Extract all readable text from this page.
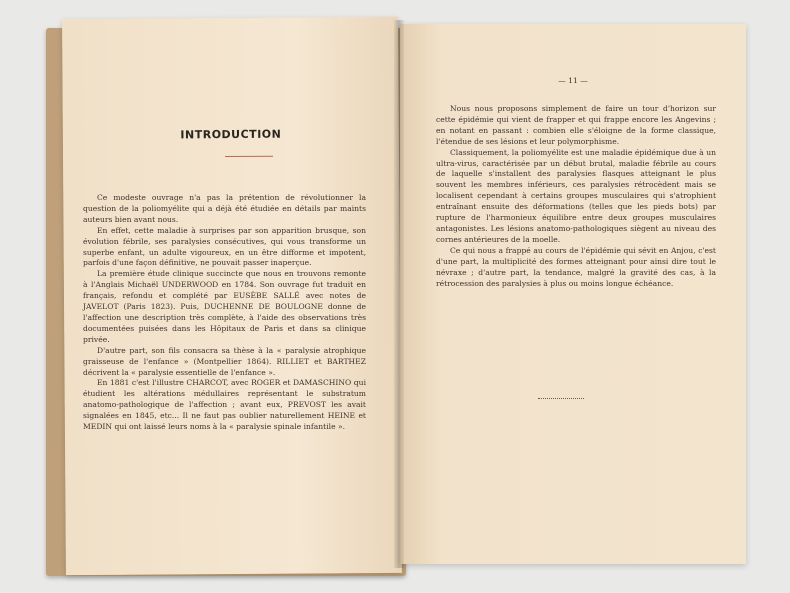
INTRODUCTION
— 11 —

Nous nous proposons simplement de faire un tour d'horizon sur cette épidémie qui vient de frapper et qui frappe encore les Angevins ; en notant en passant : combien elle s'éloigne de la forme classique, l'étendue de ses lésions et leur polymorphisme.

Classiquement, la poliomyélite est une maladie épidémique due à un ultra-virus, caractérisée par un début brutal, maladie fébrile au cours de laquelle s'installent des paralysies flasques atteignant le plus souvent les membres inférieurs, ces paralysies rétrocèdent mais se localisent cependant à certains groupes musculaires qui s'atrophient entraînant ensuite des déformations (telles que les pieds bots) par rupture de l'harmonieux équilibre entre deux groupes musculaires antagonistes. Les lésions anatomo-pathologiques siègent au niveau des cornes antérieures de la moelle.

Ce qui nous a frappé au cours de l'épidémie qui sévit en Anjou, c'est d'une part, la multiplicité des formes atteignant pour ainsi dire tout le névraxe ; d'autre part, la tendance, malgré la gravité des cas, à la rétrocession des paralysies à plus ou moins longue échéance.

Ce modeste ouvrage n'a pas la prétention de révolutionner la question de la poliomyélite qui a déjà été étudiée en détails par maints auteurs bien avant nous.

En effet, cette maladie à surprises par son apparition brusque, son évolution fébrile, ses paralysies consécutives, qui vous transforme un superbe enfant, un adulte vigoureux, en un être difforme et impotent, parfois d'une façon définitive, ne pouvait passer inaperçue.

La première étude clinique succincte que nous en trouvons remonte à l'Anglais Michaël UNDERWOOD en 1784. Son ouvrage fut traduit en français, refondu et complété par EUSÈBE SALLÉ avec notes de JAVELOT (Paris 1823). Puis, DUCHENNE DE BOULOGNE donne de l'affection une description très complète, à l'aide des observations très documentées puisées dans les Hôpitaux de Paris et dans sa clinique privée.

D'autre part, son fils consacra sa thèse à la « paralysie atrophique graisseuse de l'enfance » (Montpellier 1864). RILLIET et BARTHEZ décrivent la « paralysie essentielle de l'enfance ».

En 1881 c'est l'illustre CHARCOT, avec ROGER et DAMASCHINO qui étudient les altérations médullaires représentant le substratum anatomo-pathologique de l'affection ; avant eux, PREVOST les avait signalées en 1845, etc... Il ne faut pas oublier naturellement HEINE et MEDIN qui ont laissé leurs noms à la « paralysie spinale infantile ».
